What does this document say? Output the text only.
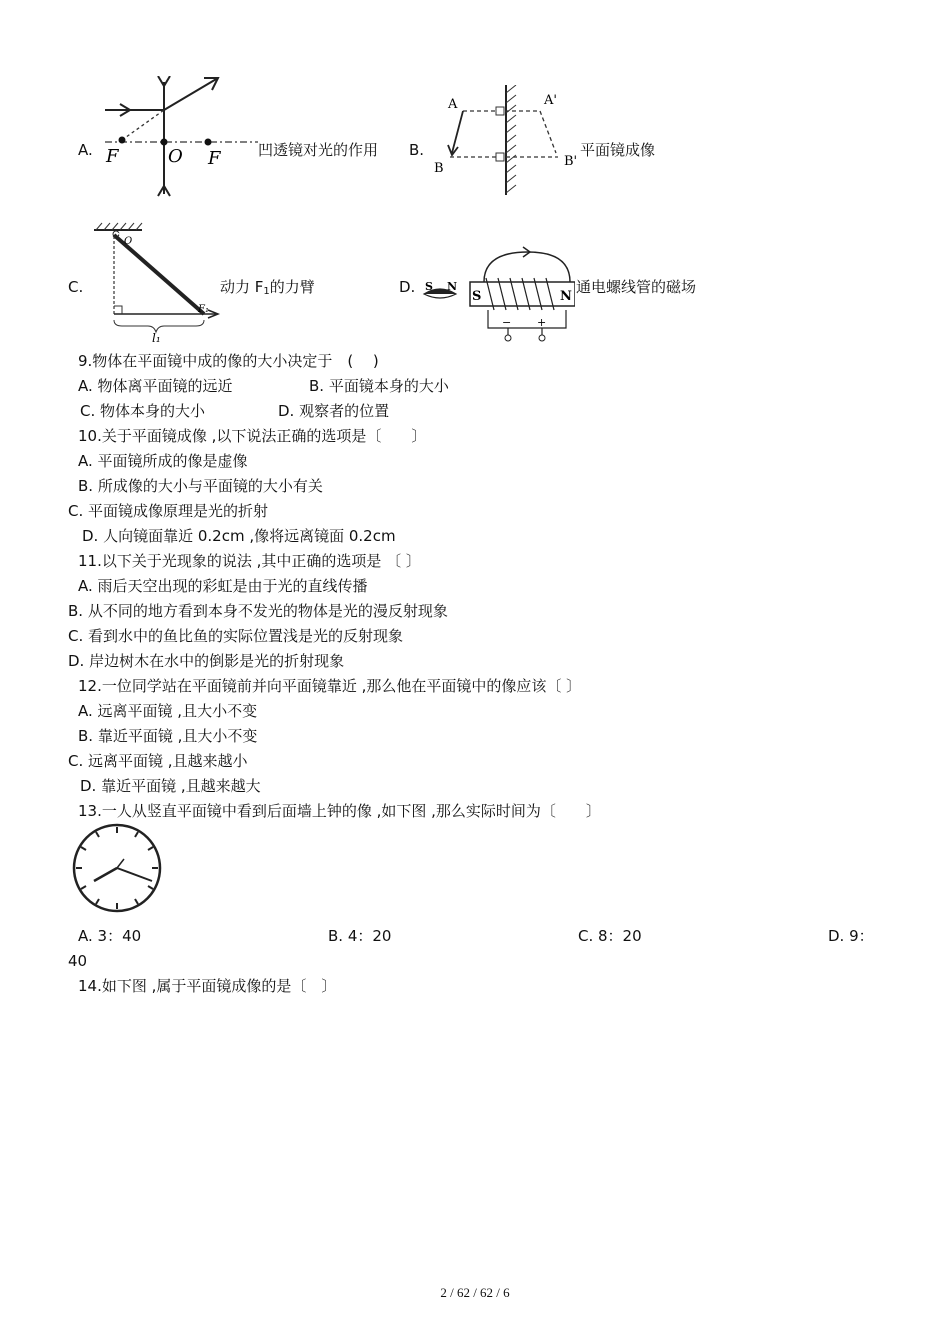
A. F	O F	凹透镜对光的作用 B.
A	A'
B	B'
平面镜成像
C.
O
F₁
l₁
动力 $F_1$的力臂	D. S N
S	N
− +
通电螺线管的磁场
9.物体在平面镜中成的像的大小决定于　(　 )
A. 物体离平面镜的远近	B. 平面镜本身的大小
C. 物体本身的大小	D. 观察者的位置
10.关于平面镜成像 ,以下说法正确的选项是〔　　〕
A. 平面镜所成的像是虚像
B. 所成像的大小与平面镜的大小有关
C. 平面镜成像原理是光的折射
D. 人向镜面靠近 0.2cm ,像将远离镜面 0.2cm
11.以下关于光现象的说法 ,其中正确的选项是 〔 〕
A. 雨后天空出现的彩虹是由于光的直线传播
B. 从不同的地方看到本身不发光的物体是光的漫反射现象
C. 看到水中的鱼比鱼的实际位置浅是光的反射现象
D. 岸边树木在水中的倒影是光的折射现象
12.一位同学站在平面镜前并向平面镜靠近 ,那么他在平面镜中的像应该〔 〕
A. 远离平面镜 ,且大小不变
B. 靠近平面镜 ,且大小不变
C. 远离平面镜 ,且越来越小
D. 靠近平面镜 ,且越来越大
13.一人从竖直平面镜中看到后面墙上钟的像 ,如下图 ,那么实际时间为〔　　〕
A. 3：40	B. 4：20	C. 8：20	D. 9：
40
14.如下图 ,属于平面镜成像的是〔　〕
2 / 62 / 62 / 6
